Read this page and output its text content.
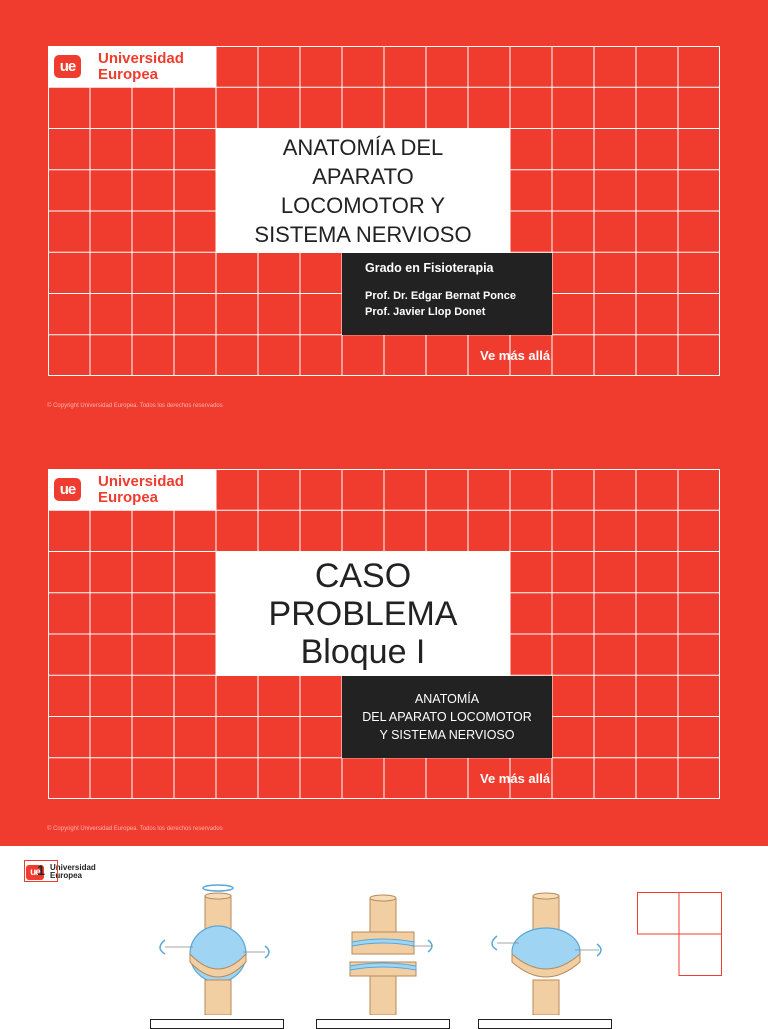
ue	Universidad
Europea
ANATOMÍA DEL
APARATO
LOCOMOTOR Y
SISTEMA NERVIOSO
Grado en Fisioterapia
Prof. Dr. Edgar Bernat Ponce
Prof. Javier Llop Donet
Ve más allá
© Copyright Universidad Europea. Todos los derechos reservados
ue	Universidad
Europea
CASO
PROBLEMA
Bloque I
ANATOMÍA
DEL APARATO LOCOMOTOR
Y SISTEMA NERVIOSO
Ve más allá
© Copyright Universidad Europea. Todos los derechos reservados
ue	Universidad
Europea
1
